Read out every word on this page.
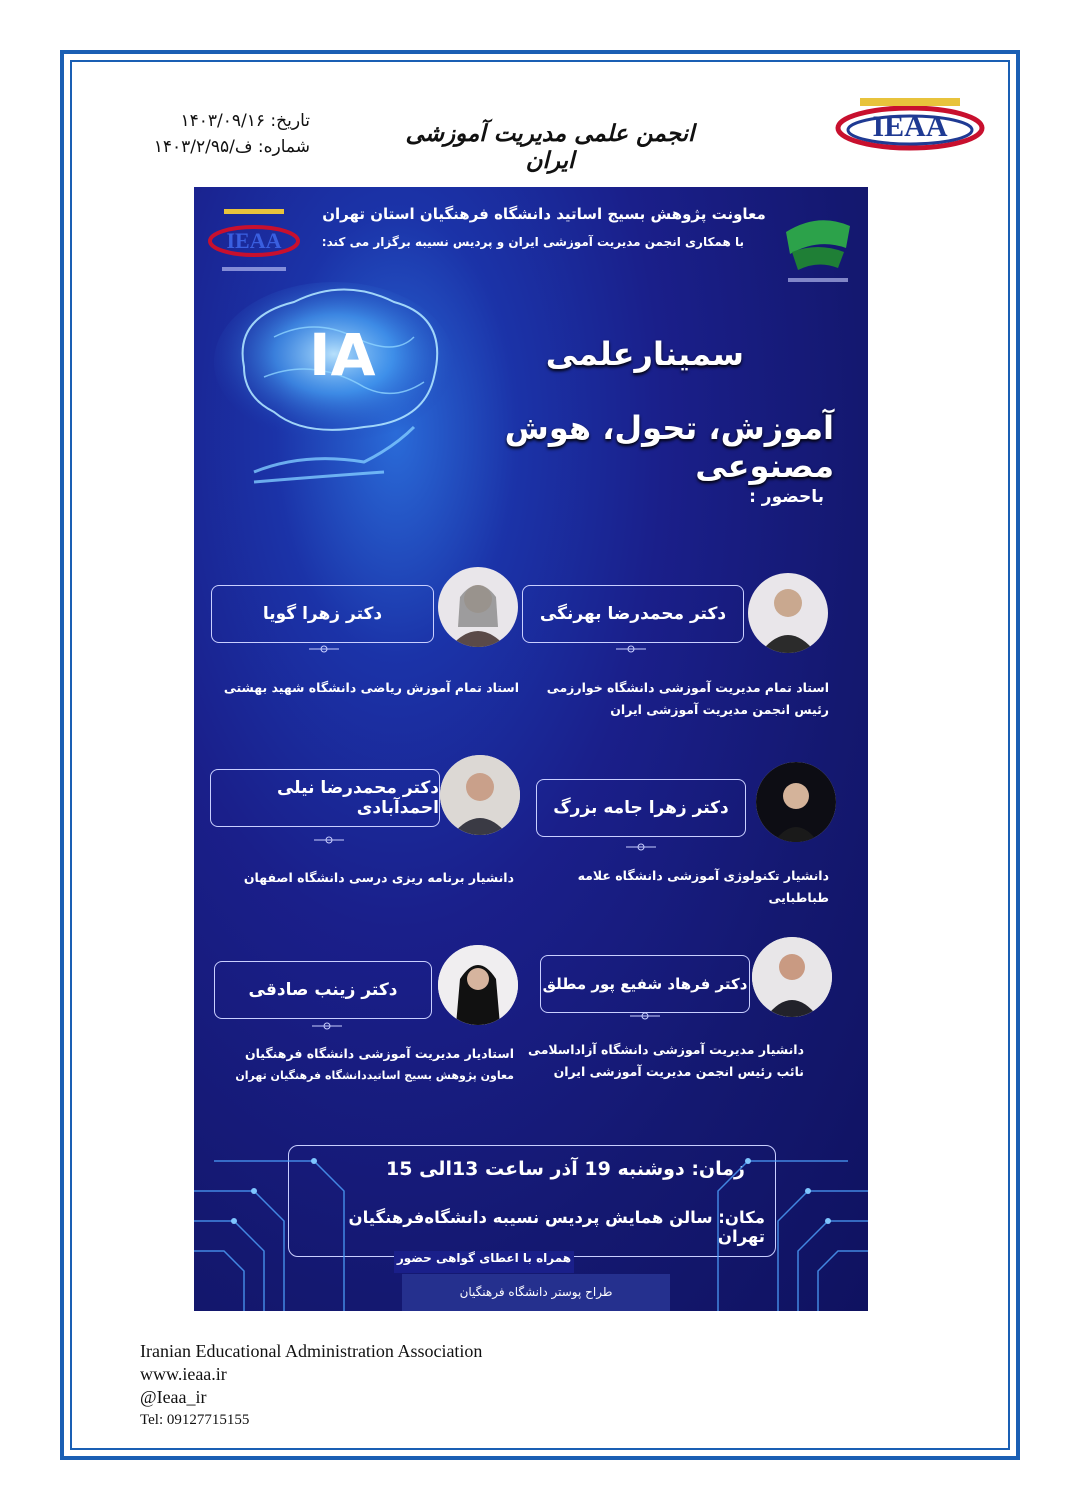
تاریخ: ۱۴۰۳/۰۹/۱۶
شماره: ف/۱۴۰۳/۲/۹۵	انجمن علمی مدیریت آموزشی ایران
IEAA
IEAA
معاونت پژوهش بسیج اساتید دانشگاه فرهنگیان استان تهران
با همکاری انجمن مدیریت آموزشی ایران و پردیس نسیبه برگزار می کند:
IA	سمینارعلمی
آموزش، تحول، هوش مصنوعی
باحضور :
دکتر محمدرضا بهرنگی
استاد تمام مدیریت آموزشی دانشگاه خوارزمی
رئیس انجمن مدیریت آموزشی ایران
دکتر زهرا گویا
استاد تمام آموزش ریاضی دانشگاه شهید بهشتی
دکتر زهرا جامه بزرگ
دانشیار تکنولوژی آموزشی دانشگاه علامه طباطبایی
دکتر محمدرضا نیلی احمدآبادی
دانشیار برنامه ریزی درسی دانشگاه اصفهان
دکتر فرهاد شفیع پور مطلق
دانشیار مدیریت آموزشی دانشگاه آزاداسلامی
نائب رئیس انجمن مدیریت آموزشی ایران
دکتر زینب صادقی
استادیار مدیریت آموزشی دانشگاه فرهنگیان
معاون پژوهش بسیج اساتیددانشگاه فرهنگیان تهران
زمان: دوشنبه 19 آذر ساعت 13الی 15
مکان: سالن همایش پردیس نسیبه دانشگاه‌فرهنگیان تهران
همراه با اعطای گواهی حضور
طراح پوستر دانشگاه فرهنگیان
Iranian Educational Administration Association
www.ieaa.ir
@Ieaa_ir
Tel: 09127715155
